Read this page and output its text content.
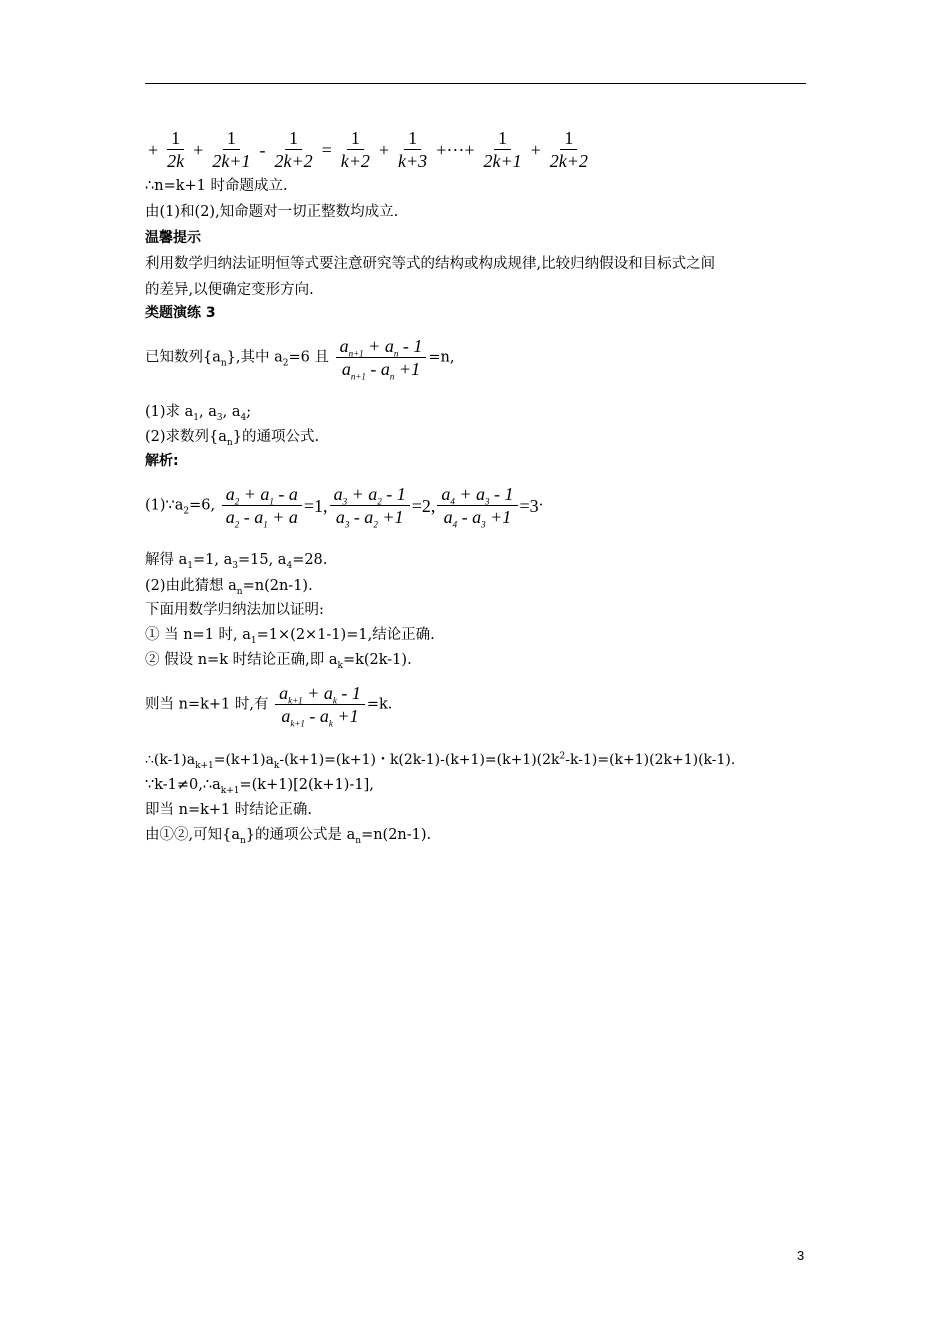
+ $\frac{1}{2k} + \frac{1}{2k+1} - \frac{1}{2k+2} = \frac{1}{k+2} + \frac{1}{k+3}$ +···+ $\frac{1}{2k+1} + \frac{1}{2k+2}$
∴n=k+1 时命题成立.
由(1)和(2),知命题对一切正整数均成立.
温馨提示
利用数学归纳法证明恒等式要注意研究等式的结构或构成规律,比较归纳假设和目标式之间
的差异,以便确定变形方向.
类题演练 3
已知数列$\{a_n\}$,其中 $a_2=6$ 且 $\frac{a_{n+1} + a_n - 1}{a_{n+1} - a_n +1} =n$,
(1)求 $a_1$, $a_3$, $a_4$;
(2)求数列$\{a_n\}$的通项公式.
解析:
$(1)\because a_2=6$, $\frac{a_2 + a_1 - a}{a_2 - a_1 + a} =1$, $\frac{a_3 + a_2 - 1}{a_3 - a_2 +1} =2$, $\frac{a_4 + a_3 - 1}{a_4 - a_3 +1} =3$ ·
解得 $a_1=1$, $a_3=15$, $a_4=28$.
(2)由此猜想 $a_n=n(2n-1)$.
下面用数学归纳法加以证明:
① 当 n=1 时, $a_1=1\times(2\times 1-1)=1$,结论正确.
② 假设 n=k 时结论正确,即 $a_k=k(2k-1)$.
则当 n=k+1 时,有 $\frac{a_{k+1} + a_k - 1}{a_{k+1} - a_k +1} =k$.
$\therefore(k-1)a_{k+1}=(k+1)a_k-(k+1)=(k+1)$・$k(2k-1)-(k+1)=(k+1)(2k^2-k-1)=(k+1)(2k+1)(k-1)$.
$\because k-1\ne 0,\therefore a_{k+1}=(k+1)[2(k+1)-1]$,
即当 n=k+1 时结论正确.
由①②,可知$\{a_n\}$的通项公式是 $a_n=n(2n-1)$.
3
